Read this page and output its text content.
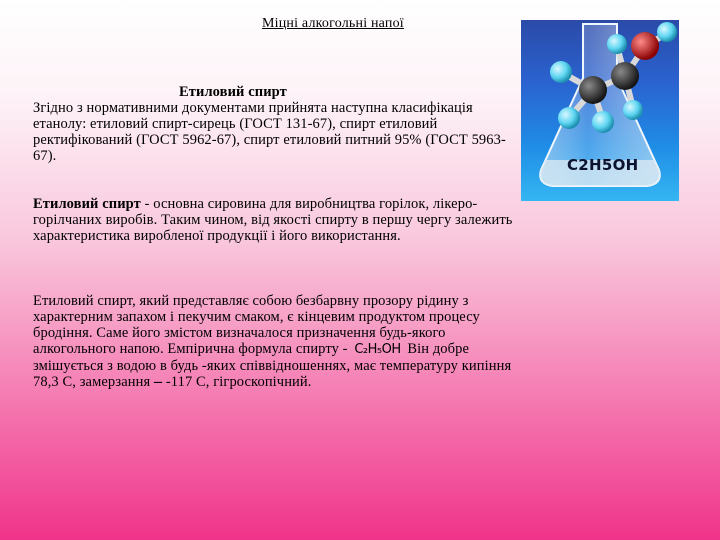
Міцні алкогольні напої
Етиловий спирт
Згідно з нормативними документами прийнята наступна класифікація етанолу: етиловий спирт-сирець (ГОСТ 131-67), спирт етиловий ректифікований (ГОСТ 5962-67), спирт етиловий питний 95% (ГОСТ 5963-67).
Етиловий спирт - основна сировина для виробництва горілок, лікеро-горілчаних виробів. Таким чином, від якості спирту в першу чергу залежить характеристика виробленої продукції і його використання.
Етиловий спирт, який представляє собою безбарвну прозору рідину з характерним запахом і пекучим смаком, є кінцевим продуктом процесу бродіння. Саме його змістом визначалося призначення будь-якого алкогольного напою. Емпірична формула спирту - C₂H₅OH Він добре змішується з водою в будь -яких співвідношеннях, має температуру кипіння 78,3 С, замерзання – -117 С, гігроскопічний.
C2H5OH
